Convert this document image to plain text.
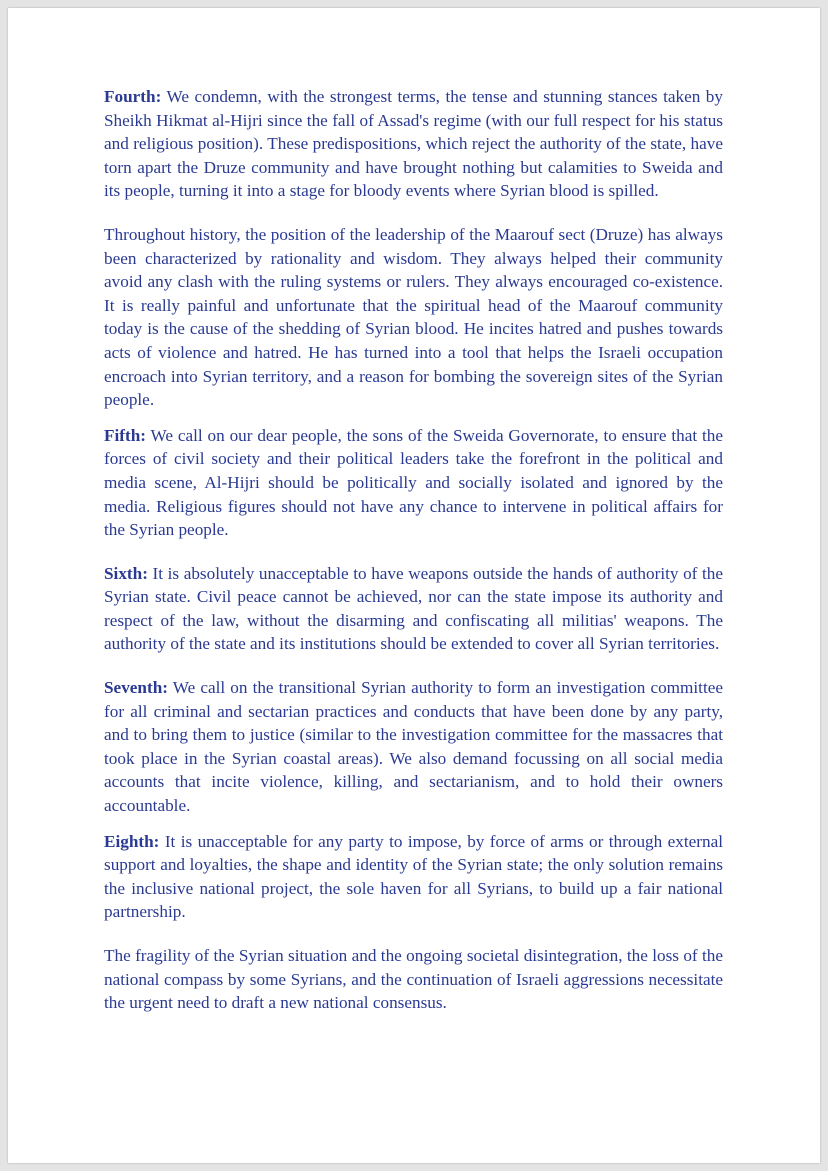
Fourth: We condemn, with the strongest terms, the tense and stunning stances taken by Sheikh Hikmat al-Hijri since the fall of Assad's regime (with our full respect for his status and religious position). These predispositions, which reject the authority of the state, have torn apart the Druze community and have brought nothing but calamities to Sweida and its people, turning it into a stage for bloody events where Syrian blood is spilled.

Throughout history, the position of the leadership of the Maarouf sect (Druze) has always been characterized by rationality and wisdom. They always helped their community avoid any clash with the ruling systems or rulers. They always encouraged co-existence. It is really painful and unfortunate that the spiritual head of the Maarouf community today is the cause of the shedding of Syrian blood. He incites hatred and pushes towards acts of violence and hatred. He has turned into a tool that helps the Israeli occupation encroach into Syrian territory, and a reason for bombing the sovereign sites of the Syrian people.

Fifth: We call on our dear people, the sons of the Sweida Governorate, to ensure that the forces of civil society and their political leaders take the forefront in the political and media scene, Al-Hijri should be politically and socially isolated and ignored by the media. Religious figures should not have any chance to intervene in political affairs for the Syrian people.

Sixth: It is absolutely unacceptable to have weapons outside the hands of authority of the Syrian state. Civil peace cannot be achieved, nor can the state impose its authority and respect of the law, without the disarming and confiscating all militias' weapons. The authority of the state and its institutions should be extended to cover all Syrian territories.

Seventh: We call on the transitional Syrian authority to form an investigation committee for all criminal and sectarian practices and conducts that have been done by any party, and to bring them to justice (similar to the investigation committee for the massacres that took place in the Syrian coastal areas). We also demand focussing on all social media accounts that incite violence, killing, and sectarianism, and to hold their owners accountable.

Eighth: It is unacceptable for any party to impose, by force of arms or through external support and loyalties, the shape and identity of the Syrian state; the only solution remains the inclusive national project, the sole haven for all Syrians, to build up a fair national partnership.

The fragility of the Syrian situation and the ongoing societal disintegration, the loss of the national compass by some Syrians, and the continuation of Israeli aggressions necessitate the urgent need to draft a new national consensus.
